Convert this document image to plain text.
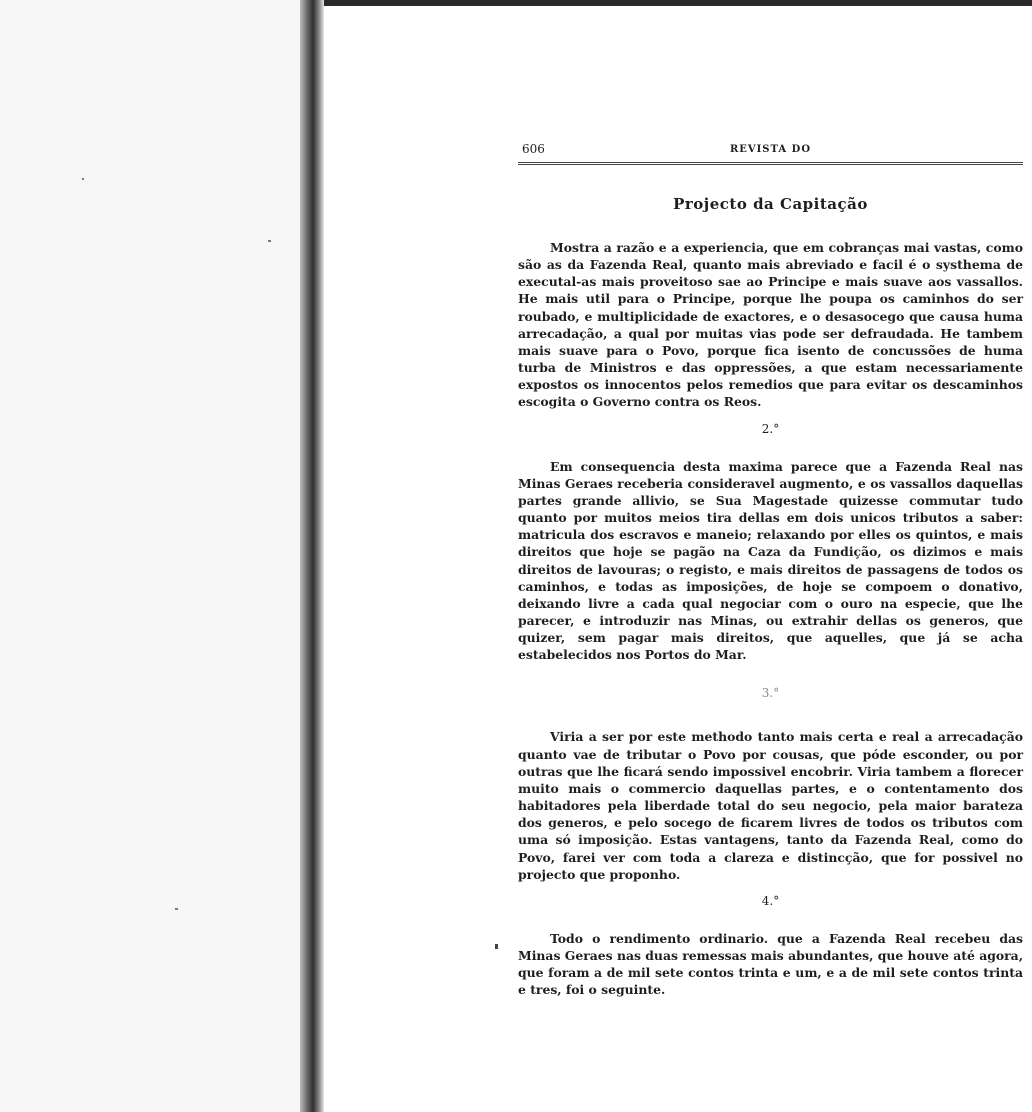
606	REVISTA DO
Projecto da Capitação

Mostra a razão e a experiencia, que em cobranças mai vastas, como são as da Fazenda Real, quanto mais abreviado e facil é o systhema de executal-as mais proveitoso sae ao Principe e mais suave aos vassallos. He mais util para o Principe, porque lhe poupa os caminhos do ser roubado, e multiplicidade de exactores, e o desasocego que causa huma arrecadação, a qual por muitas vias pode ser defraudada. He tambem mais suave para o Povo, porque fica isento de concussões de huma turba de Ministros e das oppressões, a que estam necessariamente expostos os innocentos pelos remedios que para evitar os descaminhos escogita o Governo contra os Reos.

2.°

Em consequencia desta maxima parece que a Fazenda Real nas Minas Geraes receberia consideravel augmento, e os vassallos daquellas partes grande allivio, se Sua Magestade quizesse commutar tudo quanto por muitos meios tira dellas em dois unicos tributos a saber: matricula dos escravos e maneio; relaxando por elles os quintos, e mais direitos que hoje se pagão na Caza da Fundição, os dizimos e mais direitos de lavouras; o registo, e mais direitos de passagens de todos os caminhos, e todas as imposições, de hoje se compoem o donativo, deixando livre a cada qual negociar com o ouro na especie, que lhe parecer, e introduzir nas Minas, ou extrahir dellas os generos, que quizer, sem pagar mais direitos, que aquelles, que já se acha estabelecidos nos Portos do Mar.

3.°

Viria a ser por este methodo tanto mais certa e real a arrecadação quanto vae de tributar o Povo por cousas, que póde esconder, ou por outras que lhe ficará sendo impossivel encobrir. Viria tambem a florecer muito mais o commercio daquellas partes, e o contentamento dos habitadores pela liberdade total do seu negocio, pela maior barateza dos generos, e pelo socego de ficarem livres de todos os tributos com uma só imposição. Estas vantagens, tanto da Fazenda Real, como do Povo, farei ver com toda a clareza e distincção, que for possivel no projecto que proponho.

4.°

Todo o rendimento ordinario. que a Fazenda Real recebeu das Minas Geraes nas duas remessas mais abundantes, que houve até agora, que foram a de mil sete contos trinta e um, e a de mil sete contos trinta e tres, foi o seguinte.
